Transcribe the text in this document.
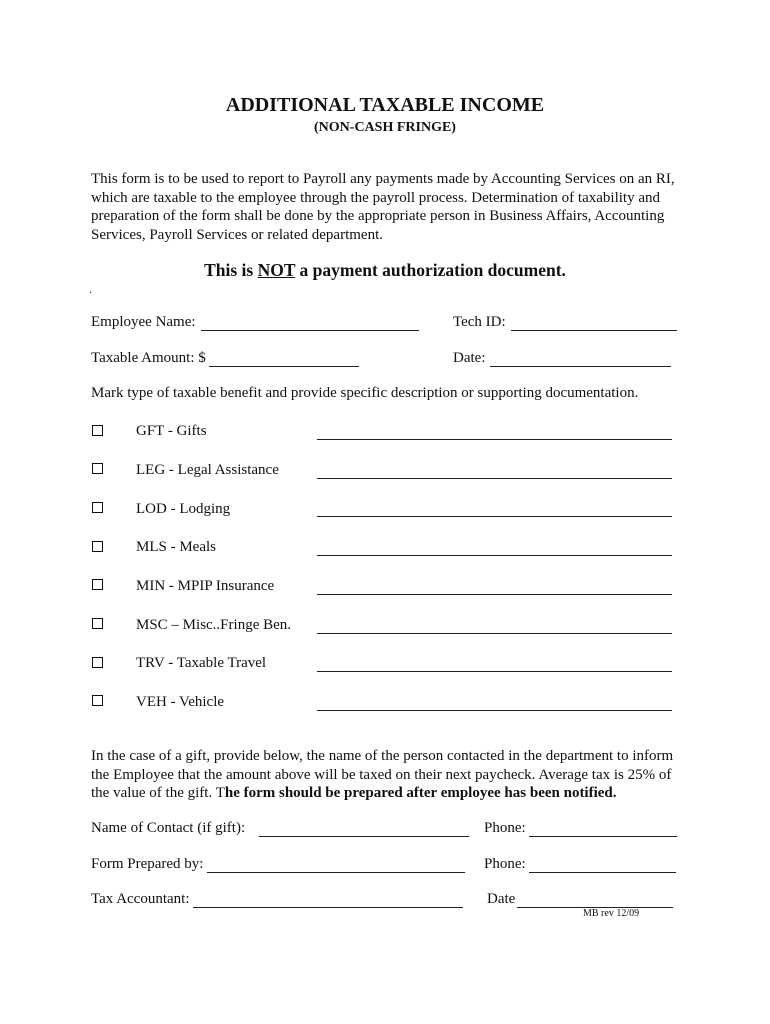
ADDITIONAL TAXABLE INCOME
(NON-CASH FRINGE)
This form is to be used to report to Payroll any payments made by Accounting Services on an RI, which are taxable to the employee through the payroll process. Determination of taxability and preparation of the form shall be done by the appropriate person in Business Affairs, Accounting Services, Payroll Services or related department.
This is NOT a payment authorization document.
.
Employee Name:	Tech ID:
Taxable Amount: $	Date:
Mark type of taxable benefit and provide specific description or supporting documentation.
GFT - Gifts
LEG - Legal Assistance
LOD - Lodging
MLS - Meals
MIN - MPIP Insurance
MSC – Misc..Fringe Ben.
TRV - Taxable Travel
VEH - Vehicle
In the case of a gift, provide below, the name of the person contacted in the department to inform the Employee that the amount above will be taxed on their next paycheck. Average tax is 25% of the value of the gift. The form should be prepared after employee has been notified.
Name of Contact (if gift):	Phone:
Form Prepared by:	Phone:
Tax Accountant:	Date
MB rev 12/09
